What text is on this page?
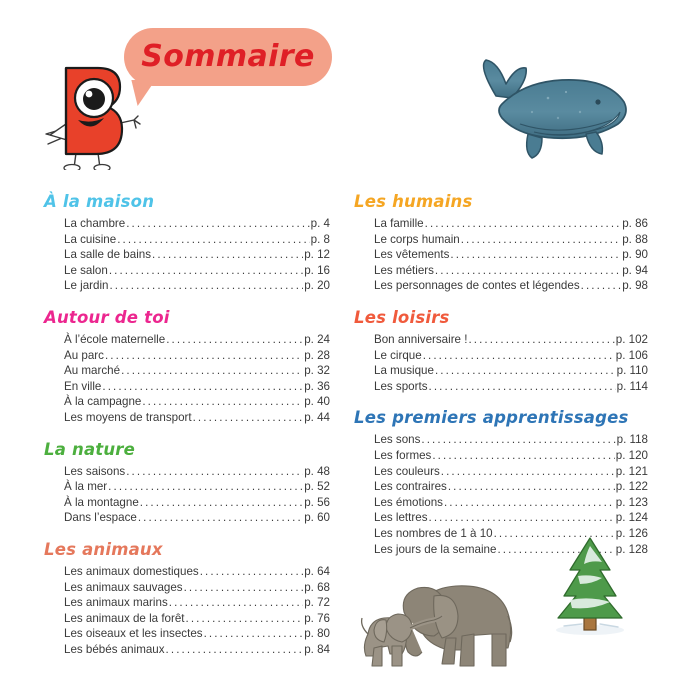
Sommaire
À la maison
La chambre .....	p. 4
La cuisine .....	p. 8
La salle de bains .....	p. 12
Le salon .....	p. 16
Le jardin .....	p. 20
Autour de toi
À l’école maternelle .....	p. 24
Au parc .....	p. 28
Au marché .....	p. 32
En ville .....	p. 36
À la campagne .....	p. 40
Les moyens de transport .....	p. 44
La nature
Les saisons .....	p. 48
À la mer .....	p. 52
À la montagne .....	p. 56
Dans l’espace .....	p. 60
Les animaux
Les animaux domestiques .....	p. 64
Les animaux sauvages .....	p. 68
Les animaux marins .....	p. 72
Les animaux de la forêt .....	p. 76
Les oiseaux et les insectes .....	p. 80
Les bébés animaux .....	p. 84
Les humains
La famille .....	p. 86
Le corps humain .....	p. 88
Les vêtements .....	p. 90
Les métiers .....	p. 94
Les personnages de contes et légendes .....	p. 98
Les loisirs
Bon anniversaire ! .....	p. 102
Le cirque .....	p. 106
La musique .....	p. 110
Les sports .....	p. 114
Les premiers apprentissages
Les sons .....	p. 118
Les formes .....	p. 120
Les couleurs .....	p. 121
Les contraires .....	p. 122
Les émotions .....	p. 123
Les lettres .....	p. 124
Les nombres de 1 à 10 .....	p. 126
Les jours de la semaine .....	p. 128
